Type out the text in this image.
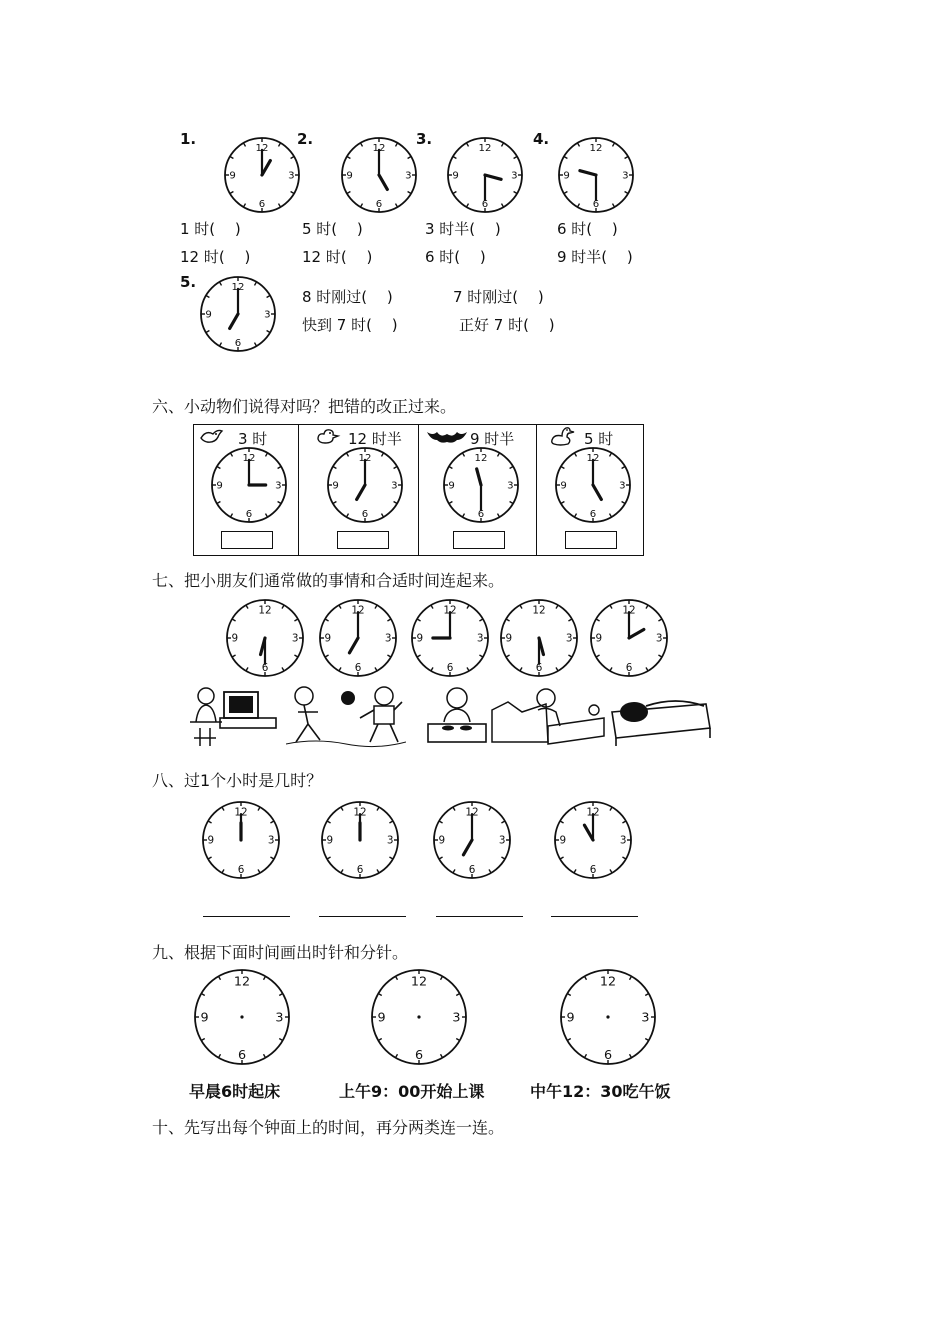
1.
12
3
6
9
2.
12
3
6
9
3.
12
3
6
9
4.
12
3
6
9
1 时(　 )	5 时(　 )	3 时半(　 )	6 时(　 )
12 时(　 )	12 时(　 )	6 时(　 )	9 时半(　 )
5.	12
3
6
9
8 时刚过(　 )	7 时刚过(　 )
快到 7 时(　 )	正好 7 时(　 )
六、小动物们说得对吗？把错的改正过来。
3 时
12
3
6
9
12 时半
12
3
6
9
9 时半
12
3
6
9
5 时
12
3
6
9
七、把小朋友们通常做的事情和合适时间连起来。
12
3
6
9
12
3
6
9
12
3
6
9
12
3
6
9
12
3
6
9
八、过1个小时是几时？
12
3
6
9
12
3
6
9
12
3
6
9
12
3
6
9
九、根据下面时间画出时针和分针。
12
3
6
9
12
3
6
9
12
3
6
9
早晨6时起床	上午9：00开始上课	中午12：30吃午饭
十、先写出每个钟面上的时间，再分两类连一连。
